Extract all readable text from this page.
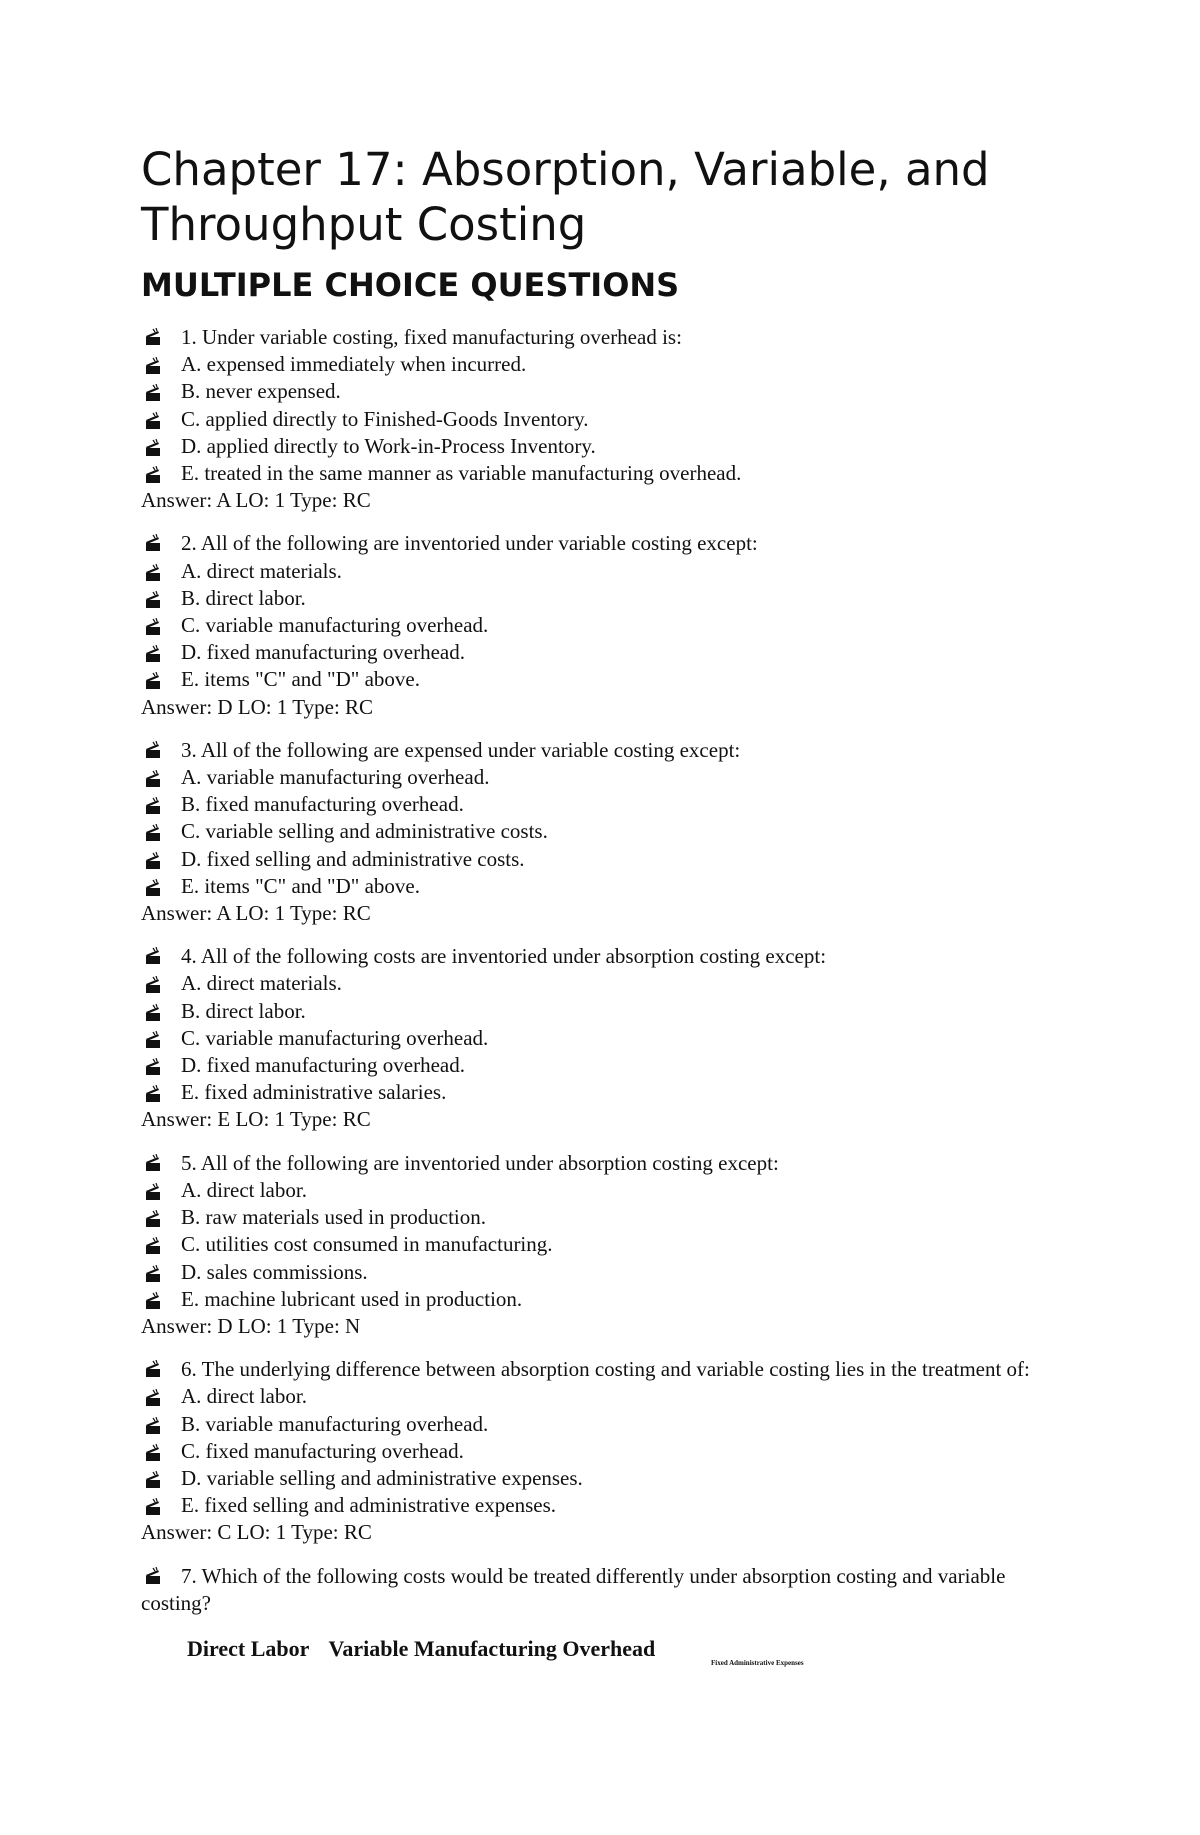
Chapter 17: Absorption, Variable, and Throughput Costing
MULTIPLE CHOICE QUESTIONS
1. Under variable costing, fixed manufacturing overhead is:
A. expensed immediately when incurred.
B. never expensed.
C. applied directly to Finished-Goods Inventory.
D. applied directly to Work-in-Process Inventory.
E. treated in the same manner as variable manufacturing overhead.
Answer: A LO: 1 Type: RC
2. All of the following are inventoried under variable costing except:
A. direct materials.
B. direct labor.
C. variable manufacturing overhead.
D. fixed manufacturing overhead.
E. items "C" and "D" above.
Answer: D LO: 1 Type: RC
3. All of the following are expensed under variable costing except:
A. variable manufacturing overhead.
B. fixed manufacturing overhead.
C. variable selling and administrative costs.
D. fixed selling and administrative costs.
E. items "C" and "D" above.
Answer: A LO: 1 Type: RC
4. All of the following costs are inventoried under absorption costing except:
A. direct materials.
B. direct labor.
C. variable manufacturing overhead.
D. fixed manufacturing overhead.
E. fixed administrative salaries.
Answer: E LO: 1 Type: RC
5. All of the following are inventoried under absorption costing except:
A. direct labor.
B. raw materials used in production.
C. utilities cost consumed in manufacturing.
D. sales commissions.
E. machine lubricant used in production.
Answer: D LO: 1 Type: N
6. The underlying difference between absorption costing and variable costing lies in the treatment of:
A. direct labor.
B. variable manufacturing overhead.
C. fixed manufacturing overhead.
D. variable selling and administrative expenses.
E. fixed selling and administrative expenses.
Answer: C LO: 1 Type: RC
7. Which of the following costs would be treated differently under absorption costing and variable costing?
Direct Labor Variable Manufacturing Overhead
Fixed Administrative Expenses
